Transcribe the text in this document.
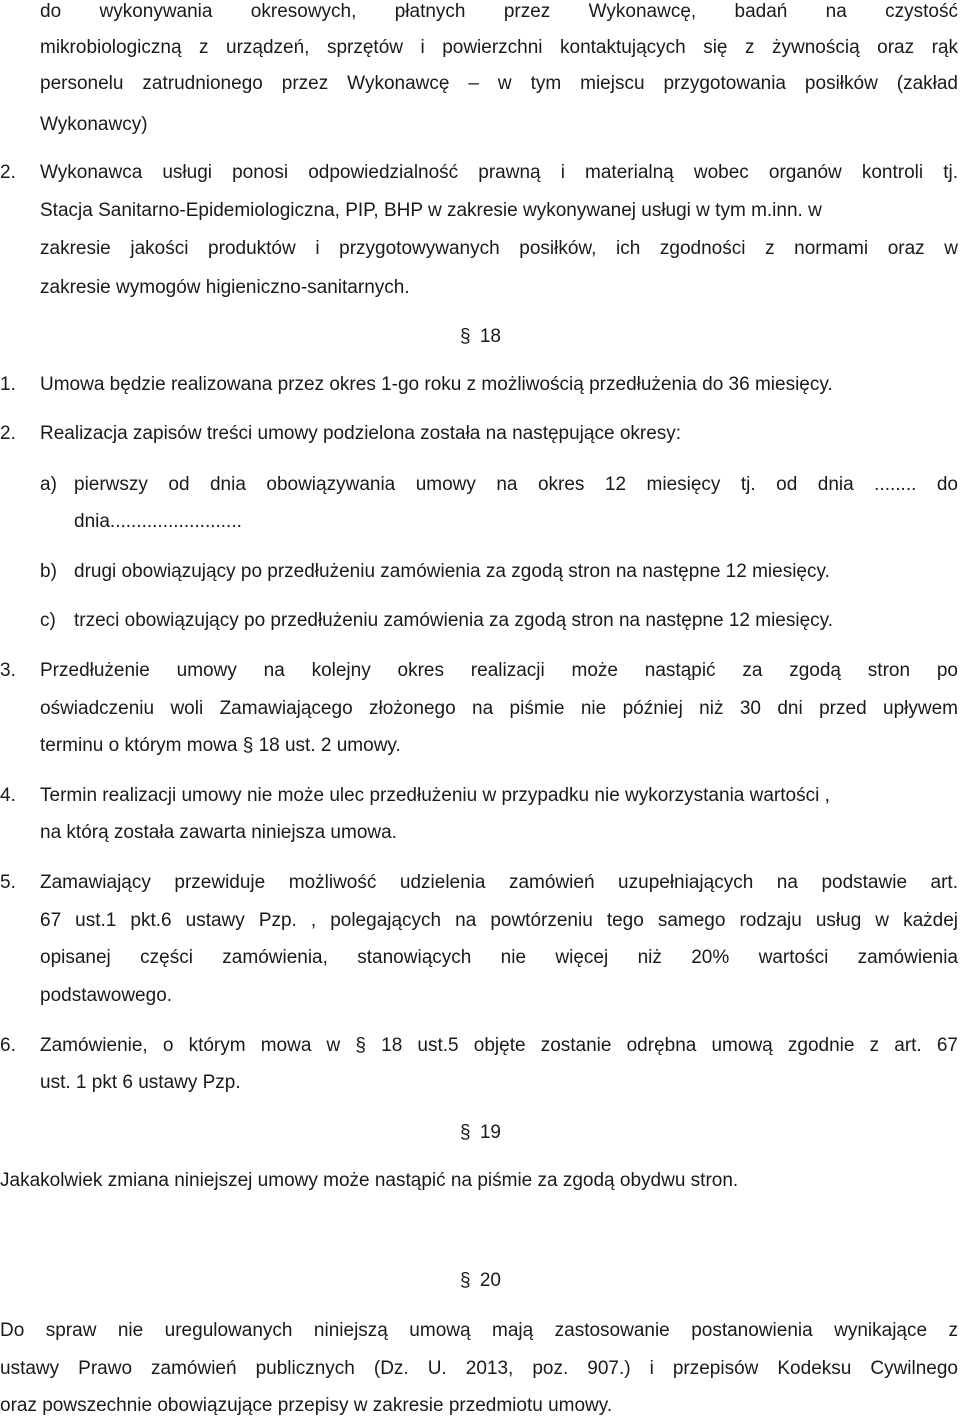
do wykonywania okresowych, płatnych przez Wykonawcę, badań na czystość
mikrobiologiczną z urządzeń, sprzętów i powierzchni kontaktujących się z żywnością oraz rąk
personelu zatrudnionego przez Wykonawcę – w tym miejscu przygotowania posiłków (zakład
Wykonawcy)
2. Wykonawca usługi ponosi odpowiedzialność prawną i materialną wobec organów kontroli tj.
Stacja Sanitarno-Epidemiologiczna, PIP, BHP w zakresie wykonywanej usługi w tym m.inn. w
zakresie jakości produktów i przygotowywanych posiłków, ich zgodności z normami oraz w
zakresie wymogów higieniczno-sanitarnych.
§ 18
1. Umowa będzie realizowana przez okres 1-go roku z możliwością przedłużenia do 36 miesięcy.
2. Realizacja zapisów treści umowy podzielona została na następujące okresy:
a) pierwszy od dnia obowiązywania umowy na okres 12 miesięcy tj. od dnia ........ do
dnia.........................
b) drugi obowiązujący po przedłużeniu zamówienia za zgodą stron na następne 12 miesięcy.
c) trzeci obowiązujący po przedłużeniu zamówienia za zgodą stron na następne 12 miesięcy.
3. Przedłużenie umowy na kolejny okres realizacji może nastąpić za zgodą stron po
oświadczeniu woli Zamawiającego złożonego na piśmie nie później niż 30 dni przed upływem
terminu o którym mowa § 18 ust. 2 umowy.
4. Termin realizacji umowy nie może ulec przedłużeniu w przypadku nie wykorzystania wartości ,
na którą została zawarta niniejsza umowa.
5. Zamawiający przewiduje możliwość udzielenia zamówień uzupełniających na podstawie art.
67 ust.1 pkt.6 ustawy Pzp. , polegających na powtórzeniu tego samego rodzaju usług w każdej
opisanej części zamówienia, stanowiących nie więcej niż 20% wartości zamówienia
podstawowego.
6. Zamówienie, o którym mowa w § 18 ust.5 objęte zostanie odrębna umową zgodnie z art. 67
ust. 1 pkt 6 ustawy Pzp.
§ 19
Jakakolwiek zmiana niniejszej umowy może nastąpić na piśmie za zgodą obydwu stron.
§ 20
Do spraw nie uregulowanych niniejszą umową mają zastosowanie postanowienia wynikające z
ustawy Prawo zamówień publicznych (Dz. U. 2013, poz. 907.) i przepisów Kodeksu Cywilnego
oraz powszechnie obowiązujące przepisy w zakresie przedmiotu umowy.
